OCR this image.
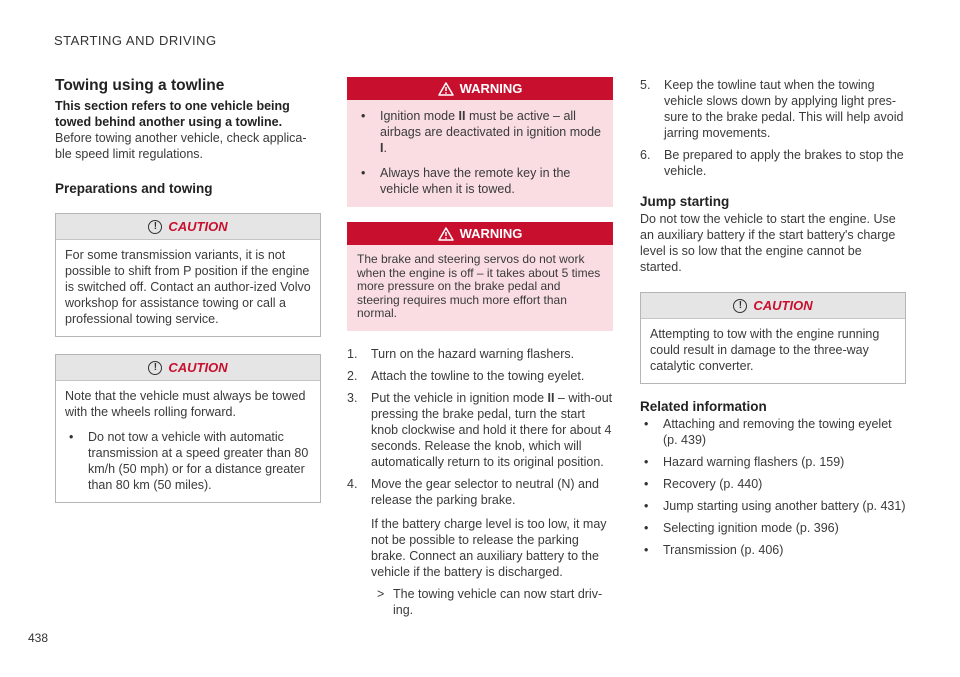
STARTING AND DRIVING
438
Towing using a towline
This section refers to one vehicle being towed behind another using a towline.

Before towing another vehicle, check applica-ble speed limit regulations.

Preparations and towing
! CAUTION

For some transmission variants, it is not possible to shift from P position if the engine is switched off. Contact an author-ized Volvo workshop for assistance towing or call a professional towing service.

! CAUTION

Note that the vehicle must always be towed with the wheels rolling forward.

• Do not tow a vehicle with automatic transmission at a speed greater than 80 km/h (50 mph) or for a distance greater than 80 km (50 miles).
WARNING
• Ignition mode II must be active – all airbags are deactivated in ignition mode I.
• Always have the remote key in the vehicle when it is towed.
WARNING

The brake and steering servos do not work when the engine is off – it takes about 5 times more pressure on the brake pedal and steering requires much more effort than normal.

1. Turn on the hazard warning flashers.
2. Attach the towline to the towing eyelet.
3. Put the vehicle in ignition mode II – with-out pressing the brake pedal, turn the start knob clockwise and hold it there for about 4 seconds. Release the knob, which will automatically return to its original position.
4. Move the gear selector to neutral (N) and release the parking brake.

If the battery charge level is too low, it may not be possible to release the parking brake. Connect an auxiliary battery to the vehicle if the battery is discharged.

> The towing vehicle can now start driv-ing.
5. Keep the towline taut when the towing vehicle slows down by applying light pres-sure to the brake pedal. This will help avoid jarring movements.
6. Be prepared to apply the brakes to stop the vehicle.
Jump starting

Do not tow the vehicle to start the engine. Use an auxiliary battery if the start battery's charge level is so low that the engine cannot be started.

! CAUTION

Attempting to tow with the engine running could result in damage to the three-way catalytic converter.

Related information
• Attaching and removing the towing eyelet (p. 439)
• Hazard warning flashers (p. 159)
• Recovery (p. 440)
• Jump starting using another battery (p. 431)
• Selecting ignition mode (p. 396)
• Transmission (p. 406)
